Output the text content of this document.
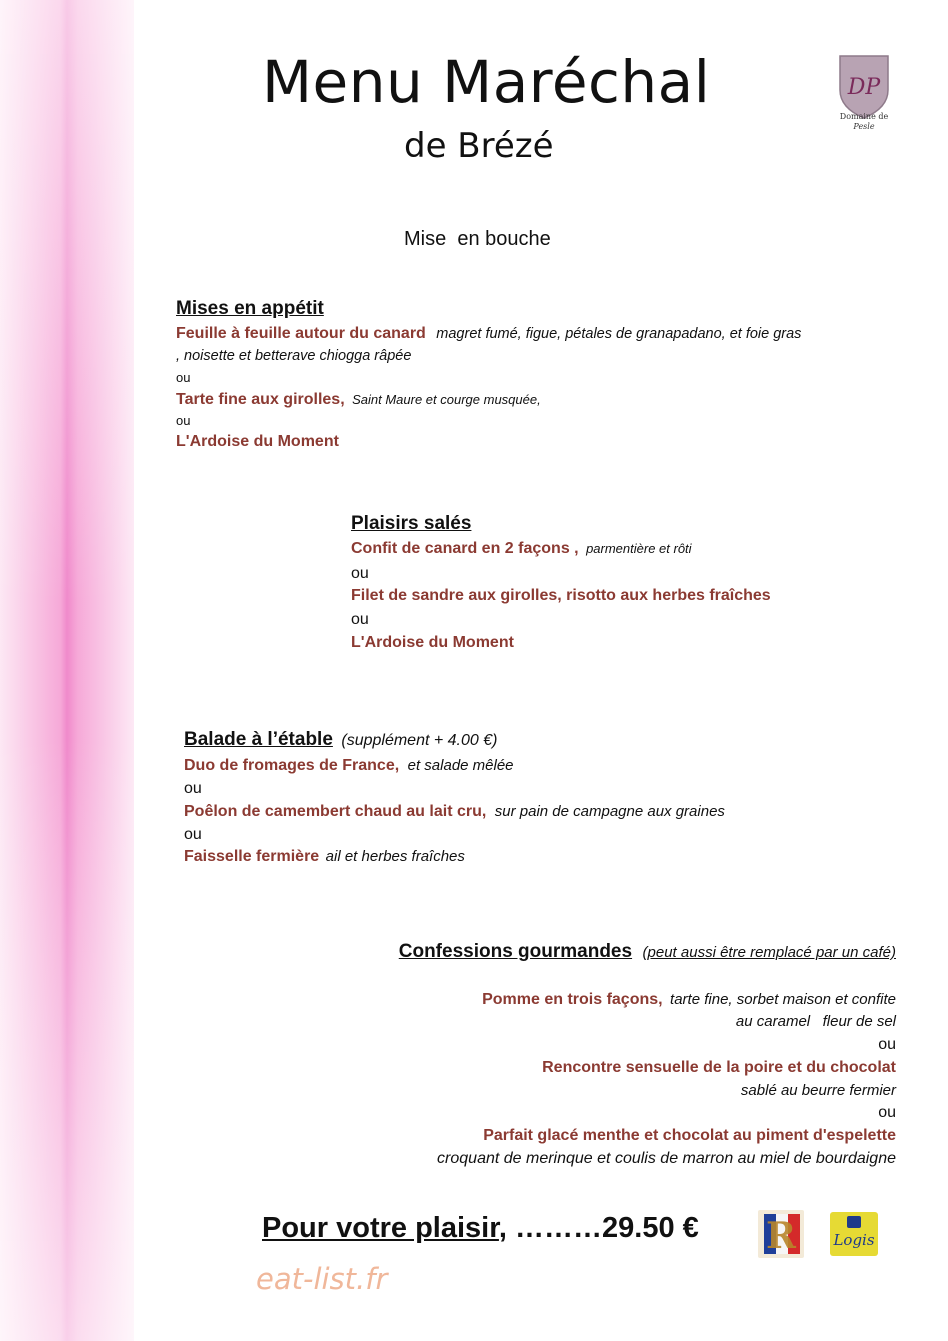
Menu Maréchal
de Brézé
DP
Domaine de
Pesle
Mise  en bouche
Mises en appétit
Feuille à feuille autour du canard magret fumé, figue, pétales de granapadano, et foie gras
, noisette et betterave chiogga râpée
ou
Tarte fine aux girolles, Saint Maure et courge musquée,
ou
L'Ardoise du Moment
Plaisirs salés
Confit de canard en 2 façons , parmentière et rôti
ou
Filet de sandre aux girolles, risotto aux herbes fraîches
ou
L'Ardoise du Moment
Balade à l’étable (supplément + 4.00 €)
Duo de fromages de France, et salade mêlée
ou
Poêlon de camembert chaud au lait cru, sur pain de campagne aux graines
ou
Faisselle fermière ail et herbes fraîches
Confessions gourmandes (peut aussi être remplacé par un café)
Pomme en trois façons, tarte fine, sorbet maison et confite
au caramel   fleur de sel
ou
Rencontre sensuelle de la poire et du chocolat
sablé au beurre fermier
ou
Parfait glacé menthe et chocolat au piment d'espelette
croquant de merinque et coulis de marron au miel de bourdaigne
Pour votre plaisir, ………29.50 € R Logis
eat-list.fr
